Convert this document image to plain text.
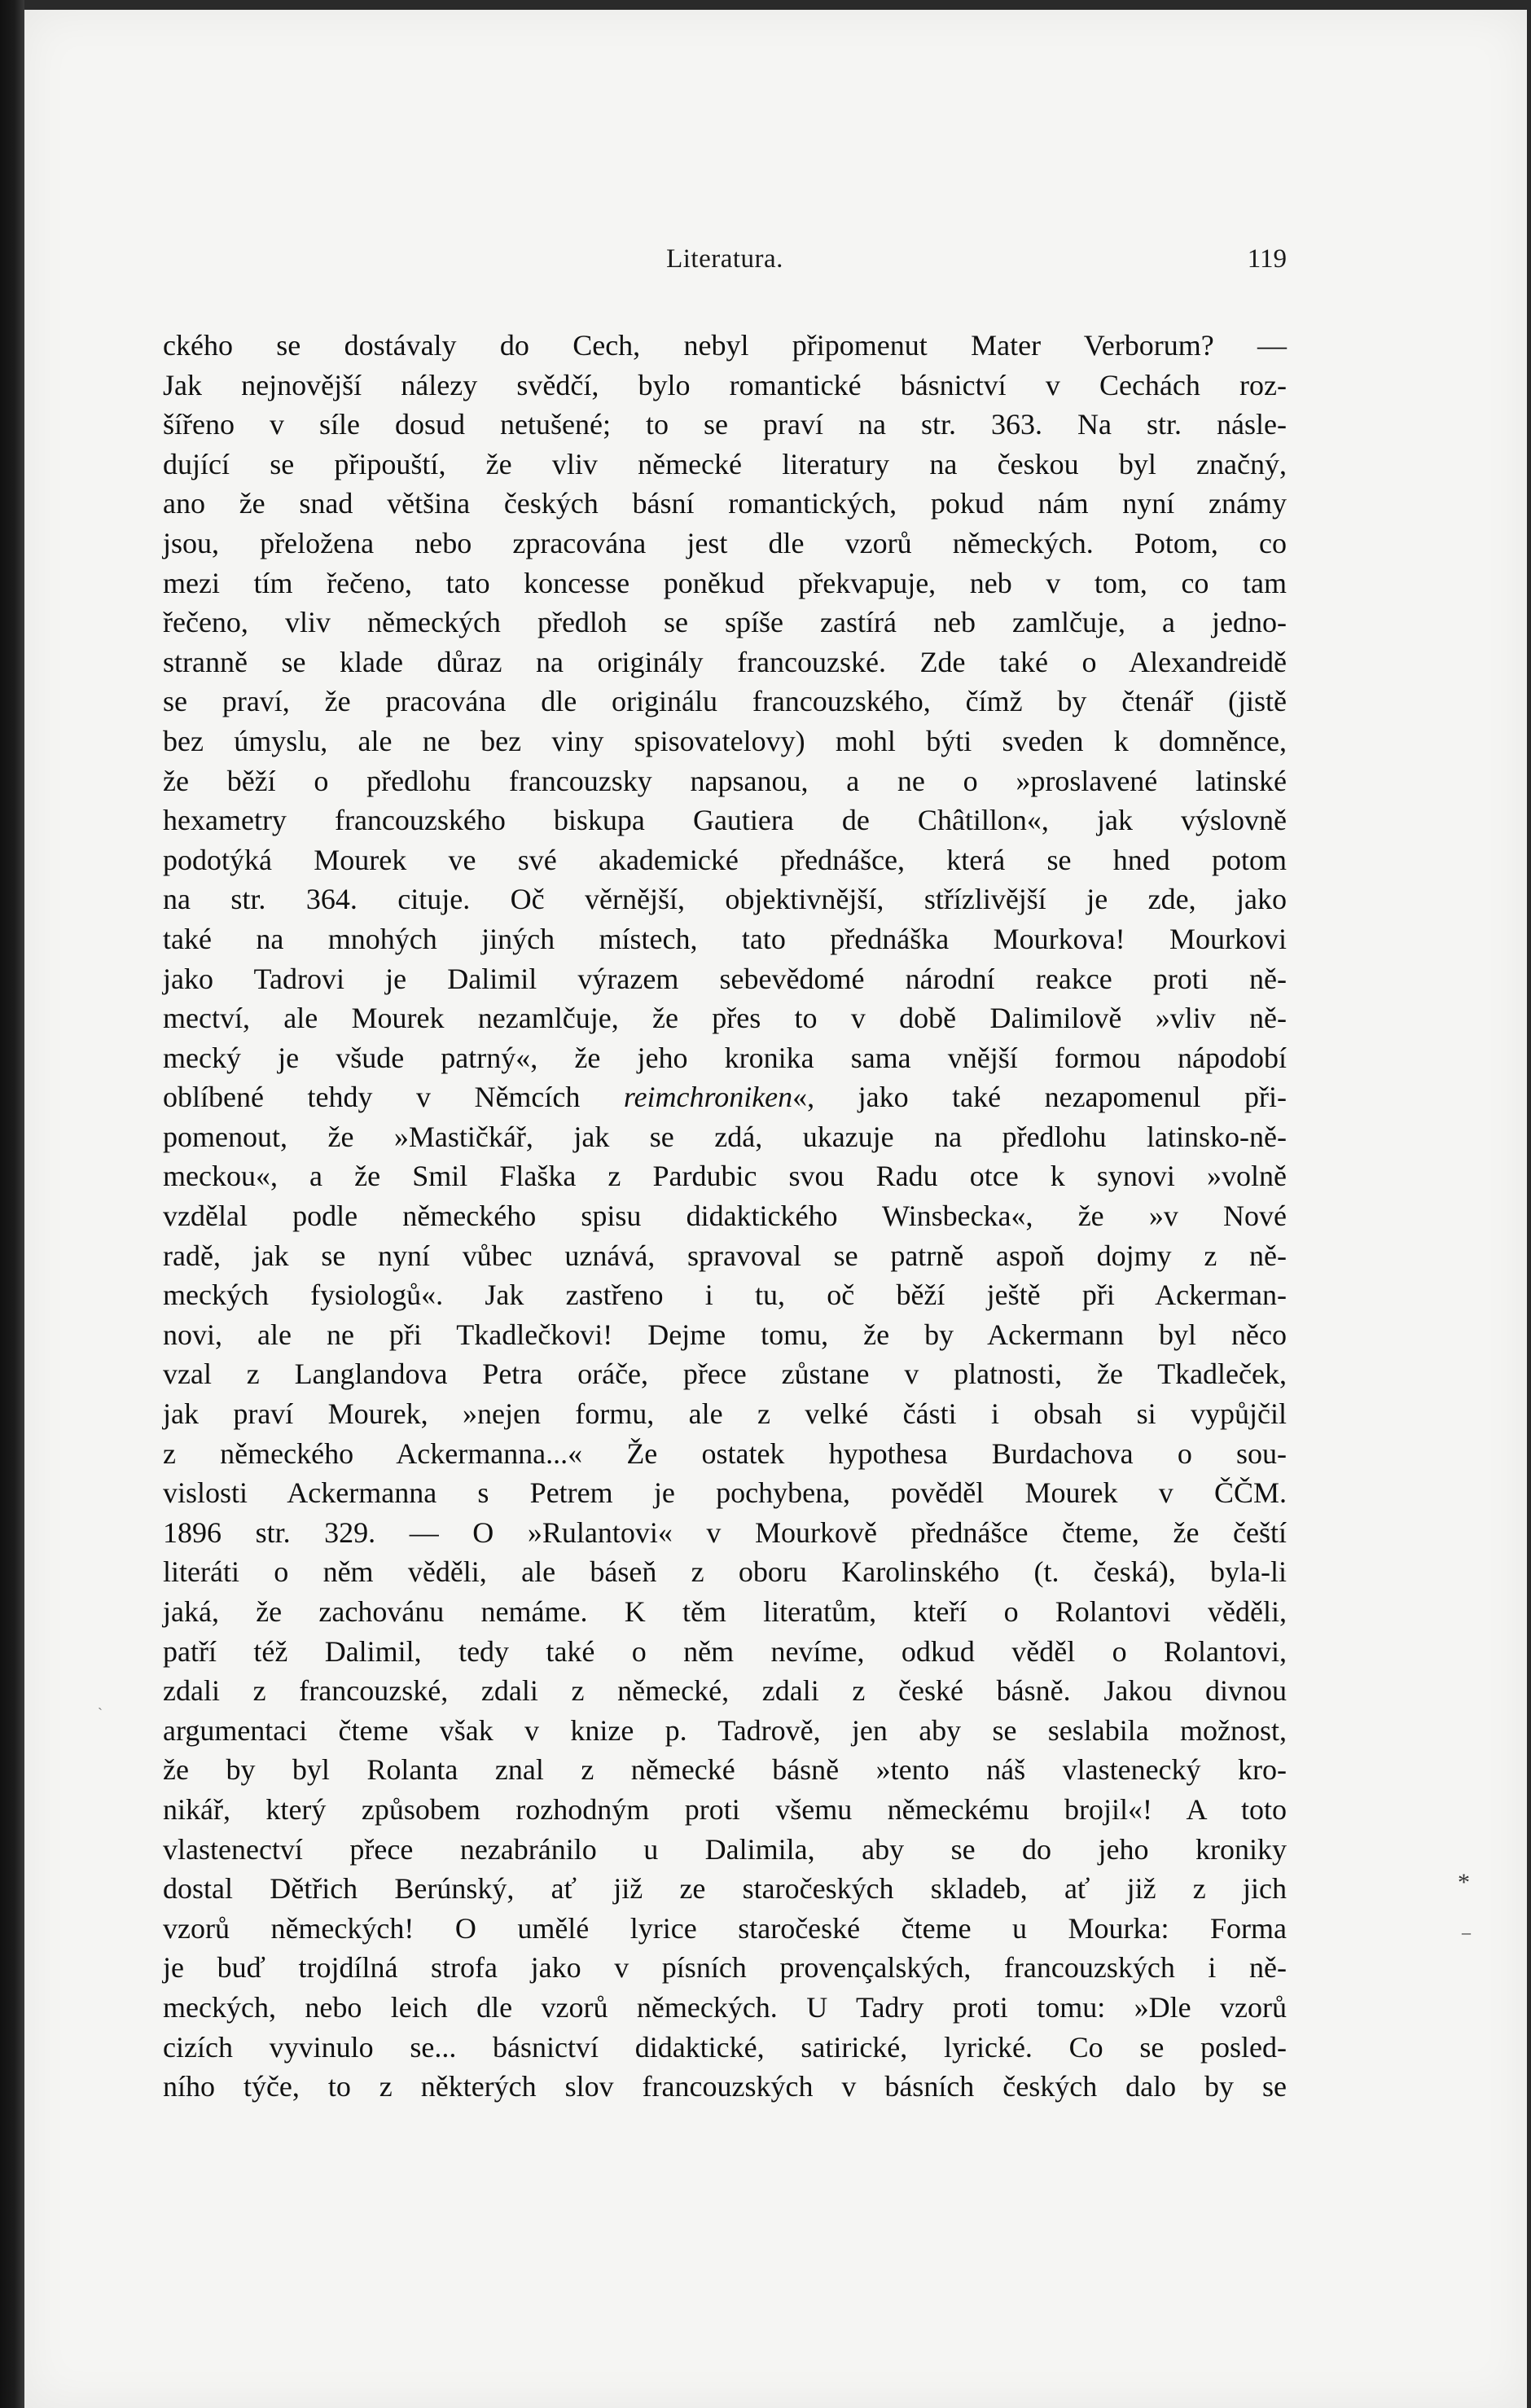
Literatura.	119
ckého se dostávaly do Cech, nebyl připomenut Mater Verborum? —
Jak nejnovější nálezy svědčí, bylo romantické básnictví v Cechách roz-
šířeno v síle dosud netušené; to se praví na str. 363. Na str. násle-
dující se připouští, že vliv německé literatury na českou byl značný,
ano že snad většina českých básní romantických, pokud nám nyní známy
jsou, přeložena nebo zpracována jest dle vzorů německých. Potom, co
mezi tím řečeno, tato koncesse poněkud překvapuje, neb v tom, co tam
řečeno, vliv německých předloh se spíše zastírá neb zamlčuje, a jedno-
stranně se klade důraz na originály francouzské. Zde také o Alexandreidě
se praví, že pracována dle originálu francouzského, čímž by čtenář (jistě
bez úmyslu, ale ne bez viny spisovatelovy) mohl býti sveden k domněnce,
že běží o předlohu francouzsky napsanou, a ne o »proslavené latinské
hexametry francouzského biskupa Gautiera de Châtillon«, jak výslovně
podotýká Mourek ve své akademické přednášce, která se hned potom
na str. 364. cituje. Oč věrnější, objektivnější, střízlivější je zde, jako
také na mnohých jiných místech, tato přednáška Mourkova! Mourkovi
jako Tadrovi je Dalimil výrazem sebevědomé národní reakce proti ně-
mectví, ale Mourek nezamlčuje, že přes to v době Dalimilově »vliv ně-
mecký je všude patrný«, že jeho kronika sama vnější formou nápodobí
oblíbené tehdy v Němcích reimchroniken«, jako také nezapomenul při-
pomenout, že »Mastičkář, jak se zdá, ukazuje na předlohu latinsko-ně-
meckou«, a že Smil Flaška z Pardubic svou Radu otce k synovi »volně
vzdělal podle německého spisu didaktického Winsbecka«, že »v Nové
radě, jak se nyní vůbec uznává, spravoval se patrně aspoň dojmy z ně-
meckých fysiologů«. Jak zastřeno i tu, oč běží ještě při Ackerman-
novi, ale ne při Tkadlečkovi! Dejme tomu, že by Ackermann byl něco
vzal z Langlandova Petra oráče, přece zůstane v platnosti, že Tkadleček,
jak praví Mourek, »nejen formu, ale z velké části i obsah si vypůjčil
z německého Ackermanna...« Že ostatek hypothesa Burdachova o sou-
vislosti Ackermanna s Petrem je pochybena, pověděl Mourek v ČČM.
1896 str. 329. — O »Rulantovi« v Mourkově přednášce čteme, že čeští
literáti o něm věděli, ale báseň z oboru Karolinského (t. česká), byla-li
jaká, že zachovánu nemáme. K těm literatům, kteří o Rolantovi věděli,
patří též Dalimil, tedy také o něm nevíme, odkud věděl o Rolantovi,
zdali z francouzské, zdali z německé, zdali z české básně. Jakou divnou
argumentaci čteme však v knize p. Tadrově, jen aby se seslabila možnost,
že by byl Rolanta znal z německé básně »tento náš vlastenecký kro-
nikář, který způsobem rozhodným proti všemu německému brojil«! A toto
vlastenectví přece nezabránilo u Dalimila, aby se do jeho kroniky
dostal Dětřich Berúnský, ať již ze staročeských skladeb, ať již z jich
vzorů německých! O umělé lyrice staročeské čteme u Mourka: Forma
je buď trojdílná strofa jako v písních provençalských, francouzských i ně-
meckých, nebo leich dle vzorů německých. U Tadry proti tomu: »Dle vzorů
cizích vyvinulo se... básnictví didaktické, satirické, lyrické. Co se posled-
ního týče, to z některých slov francouzských v básních českých dalo by se
*
–
ˎ
